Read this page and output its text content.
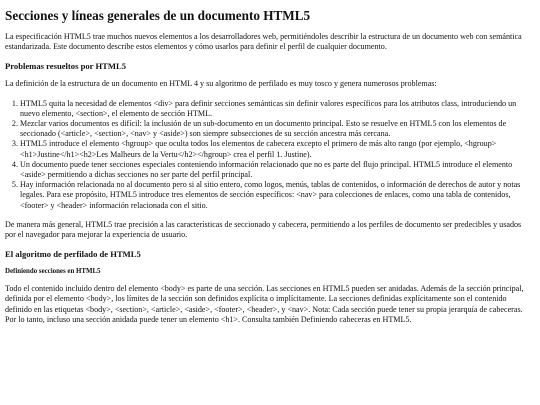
Secciones y líneas generales de un documento HTML5

La especificación HTML5 trae muchos nuevos elementos a los desarrolladores web, permitiéndoles describir la estructura de un documento web con semántica estandarizada. Este documento describe estos elementos y cómo usarlos para definir el perfil de cualquier documento.

Problemas resueltos por HTML5

La definición de la estructura de un documento en HTML 4 y su algoritmo de perfilado es muy tosco y genera numerosos problemas:

1. HTML5 quita la necesidad de elementos <div> para definir secciones semánticas sin definir valores específicos para los atributos class, introduciendo un nuevo elemento, <section>, el elemento de sección HTML.
2. Mezclar varios documentos es difícil: la inclusión de un sub-documento en un documento principal. Esto se resuelve en HTML5 con los elementos de seccionado (<article>, <section>, <nav> y <aside>) son siempre subsecciones de su sección ancestra más cercana.
3. HTML5 introduce el elemento <hgroup> que oculta todos los elementos de cabecera excepto el primero de más alto rango (por ejemplo, <hgroup><h1>Justine</h1><h2>Les Malheurs de la Vertu</h2></hgroup> crea el perfil 1. Justine).
4. Un documento puede tener secciones especiales conteniendo información relacionado que no es parte del flujo principal. HTML5 introduce el elemento <aside> permitiendo a dichas secciones no ser parte del perfil principal.
5. Hay información relacionada no al documento pero si al sitio entero, como logos, menús, tablas de contenidos, o información de derechos de autor y notas legales. Para ese propósito, HTML5 introduce tres elementos de sección específicos: <nav> para colecciones de enlaces, como una tabla de contenidos, <footer> y <header> información relacionada con el sitio.

De manera más general, HTML5 trae precisión a las características de seccionado y cabecera, permitiendo a los perfiles de documento ser predecibles y usados por el navegador para mejorar la experiencia de usuario.

El algoritmo de perfilado de HTML5
Definiendo secciones en HTML5

Todo el contenido incluido dentro del elemento <body> es parte de una sección. Las secciones en HTML5 pueden ser anidadas. Además de la sección principal, definida por el elemento <body>, los límites de la sección son definidos explícita o implícitamente. La secciones definidas explícitamente son el contenido definido en las etiquetas <body>, <section>, <article>, <aside>, <footer>, <header>, y <nav>. Nota: Cada sección puede tener su propia jerarquía de cabeceras. Por lo tanto, incluso una sección anidada puede tener un elemento <h1>. Consulta también Definiendo cabeceras en HTML5.
